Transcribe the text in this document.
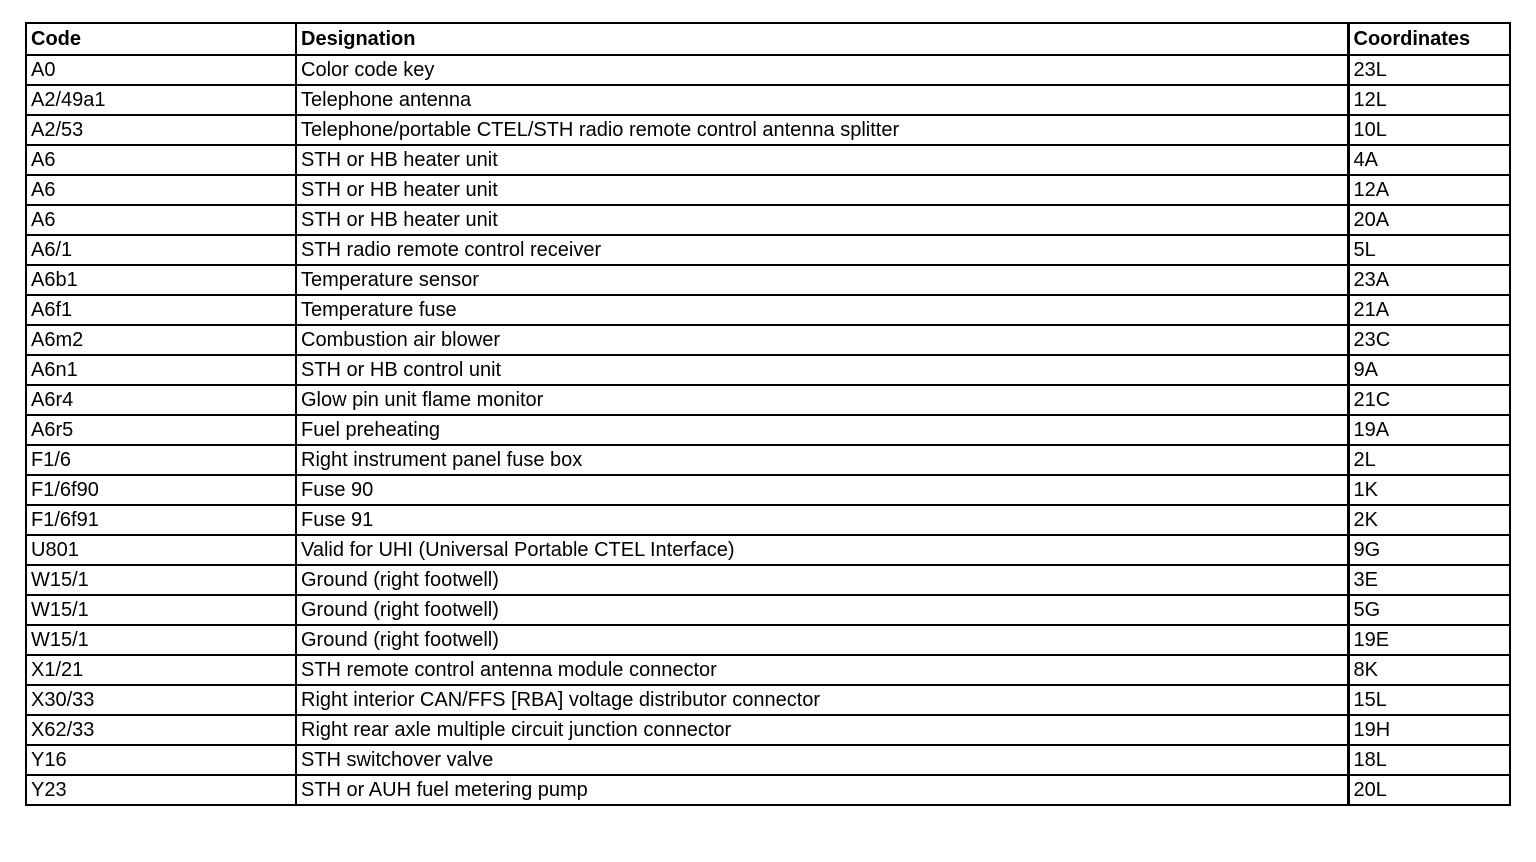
Code	Designation	Coordinates
A0	Color code key	23L
A2/49a1	Telephone antenna	12L
A2/53	Telephone/portable CTEL/STH radio remote control antenna splitter	10L
A6	STH or HB heater unit	4A
A6	STH or HB heater unit	12A
A6	STH or HB heater unit	20A
A6/1	STH radio remote control receiver	5L
A6b1	Temperature sensor	23A
A6f1	Temperature fuse	21A
A6m2	Combustion air blower	23C
A6n1	STH or HB control unit	9A
A6r4	Glow pin unit flame monitor	21C
A6r5	Fuel preheating	19A
F1/6	Right instrument panel fuse box	2L
F1/6f90	Fuse 90	1K
F1/6f91	Fuse 91	2K
U801	Valid for UHI (Universal Portable CTEL Interface)	9G
W15/1	Ground (right footwell)	3E
W15/1	Ground (right footwell)	5G
W15/1	Ground (right footwell)	19E
X1/21	STH remote control antenna module connector	8K
X30/33	Right interior CAN/FFS [RBA] voltage distributor connector	15L
X62/33	Right rear axle multiple circuit junction connector	19H
Y16	STH switchover valve	18L
Y23	STH or AUH fuel metering pump	20L
